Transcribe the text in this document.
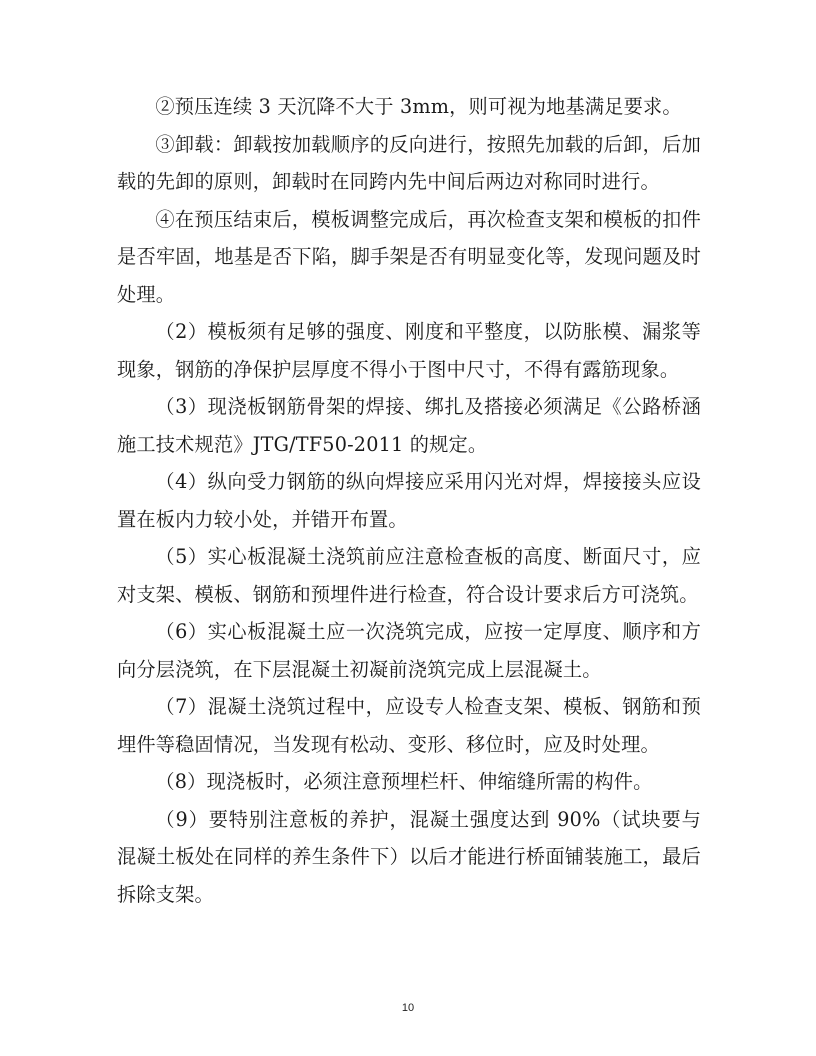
②预压连续 3 天沉降不大于 3mm，则可视为地基满足要求。

③卸载：卸载按加载顺序的反向进行，按照先加载的后卸，后加载的先卸的原则，卸载时在同跨内先中间后两边对称同时进行。

④在预压结束后，模板调整完成后，再次检查支架和模板的扣件是否牢固，地基是否下陷，脚手架是否有明显变化等，发现问题及时处理。

（2）模板须有足够的强度、刚度和平整度，以防胀模、漏浆等现象，钢筋的净保护层厚度不得小于图中尺寸，不得有露筋现象。

（3）现浇板钢筋骨架的焊接、绑扎及搭接必须满足《公路桥涵施工技术规范》JTG/TF50-2011 的规定。

（4）纵向受力钢筋的纵向焊接应采用闪光对焊，焊接接头应设置在板内力较小处，并错开布置。

（5）实心板混凝土浇筑前应注意检查板的高度、断面尺寸，应对支架、模板、钢筋和预埋件进行检查，符合设计要求后方可浇筑。

（6）实心板混凝土应一次浇筑完成，应按一定厚度、顺序和方向分层浇筑，在下层混凝土初凝前浇筑完成上层混凝土。

（7）混凝土浇筑过程中，应设专人检查支架、模板、钢筋和预埋件等稳固情况，当发现有松动、变形、移位时，应及时处理。

（8）现浇板时，必须注意预埋栏杆、伸缩缝所需的构件。

（9）要特别注意板的养护，混凝土强度达到 90%（试块要与混凝土板处在同样的养生条件下）以后才能进行桥面铺装施工，最后拆除支架。

10
